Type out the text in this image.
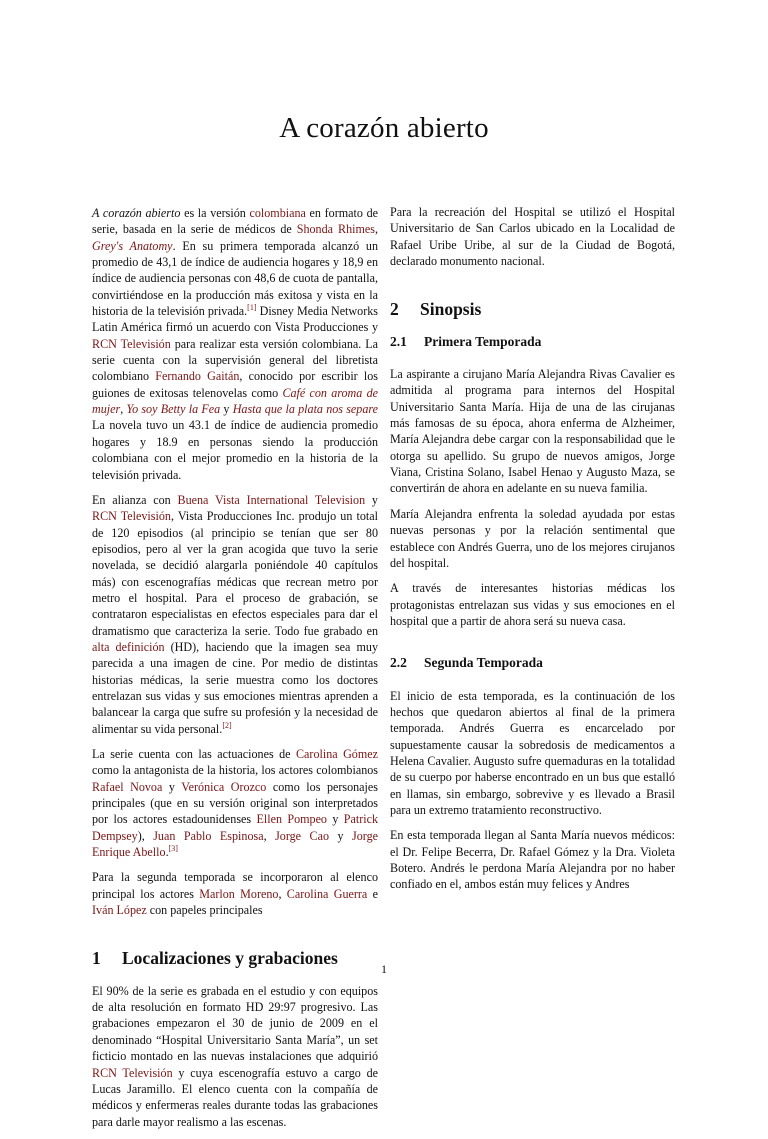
A corazón abierto

A corazón abierto es la versión colombiana en formato de serie, basada en la serie de médicos de Shonda Rhimes, Grey's Anatomy. En su primera temporada alcanzó un promedio de 43,1 de índice de audiencia hogares y 18,9 en índice de audiencia personas con 48,6 de cuota de pantalla, convirtiéndose en la producción más exitosa y vista en la historia de la televisión privada.[1] Disney Media Networks Latin América firmó un acuerdo con Vista Producciones y RCN Televisión para realizar esta versión colombiana. La serie cuenta con la supervisión general del libretista colombiano Fernando Gaitán, conocido por escribir los guiones de exitosas telenovelas como Café con aroma de mujer, Yo soy Betty la Fea y Hasta que la plata nos separe La novela tuvo un 43.1 de índice de audiencia promedio hogares y 18.9 en personas siendo la producción colombiana con el mejor promedio en la historia de la televisión privada.

En alianza con Buena Vista International Television y RCN Televisión, Vista Producciones Inc. produjo un total de 120 episodios (al principio se tenían que ser 80 episodios, pero al ver la gran acogida que tuvo la serie novelada, se decidió alargarla poniéndole 40 capítulos más) con escenografías médicas que recrean metro por metro el hospital. Para el proceso de grabación, se contrataron especialistas en efectos especiales para dar el dramatismo que caracteriza la serie. Todo fue grabado en alta definición (HD), haciendo que la imagen sea muy parecida a una imagen de cine. Por medio de distintas historias médicas, la serie muestra como los doctores entrelazan sus vidas y sus emociones mientras aprenden a balancear la carga que sufre su profesión y la necesidad de alimentar su vida personal.[2]

La serie cuenta con las actuaciones de Carolina Gómez como la antagonista de la historia, los actores colombianos Rafael Novoa y Verónica Orozco como los personajes principales (que en su versión original son interpretados por los actores estadounidenses Ellen Pompeo y Patrick Dempsey), Juan Pablo Espinosa, Jorge Cao y Jorge Enrique Abello.[3]

Para la segunda temporada se incorporaron al elenco principal los actores Marlon Moreno, Carolina Guerra e Iván López con papeles principales

1	Localizaciones y grabaciones

El 90% de la serie es grabada en el estudio y con equipos de alta resolución en formato HD 29:97 progresivo. Las grabaciones empezaron el 30 de junio de 2009 en el denominado “Hospital Universitario Santa María”, un set ficticio montado en las nuevas instalaciones que adquirió RCN Televisión y cuya escenografía estuvo a cargo de Lucas Jaramillo. El elenco cuenta con la compañía de médicos y enfermeras reales durante todas las grabaciones para darle mayor realismo a las escenas.

Para la recreación del Hospital se utilizó el Hospital Universitario de San Carlos ubicado en la Localidad de Rafael Uribe Uribe, al sur de la Ciudad de Bogotá, declarado monumento nacional.

2	Sinopsis
2.1	Primera Temporada

La aspirante a cirujano María Alejandra Rivas Cavalier es admitida al programa para internos del Hospital Universitario Santa María. Hija de una de las cirujanas más famosas de su época, ahora enferma de Alzheimer, María Alejandra debe cargar con la responsabilidad que le otorga su apellido. Su grupo de nuevos amigos, Jorge Viana, Cristina Solano, Isabel Henao y Augusto Maza, se convertirán de ahora en adelante en su nueva familia.

María Alejandra enfrenta la soledad ayudada por estas nuevas personas y por la relación sentimental que establece con Andrés Guerra, uno de los mejores cirujanos del hospital.

A través de interesantes historias médicas los protagonistas entrelazan sus vidas y sus emociones en el hospital que a partir de ahora será su nueva casa.

2.2	Segunda Temporada

El inicio de esta temporada, es la continuación de los hechos que quedaron abiertos al final de la primera temporada. Andrés Guerra es encarcelado por supuestamente causar la sobredosis de medicamentos a Helena Cavalier. Augusto sufre quemaduras en la totalidad de su cuerpo por haberse encontrado en un bus que estalló en llamas, sin embargo, sobrevive y es llevado a Brasil para un extremo tratamiento reconstructivo.

En esta temporada llegan al Santa María nuevos médicos: el Dr. Felipe Becerra, Dr. Rafael Gómez y la Dra. Violeta Botero. Andrés le perdona María Alejandra por no haber confiado en el, ambos están muy felices y Andres

1
